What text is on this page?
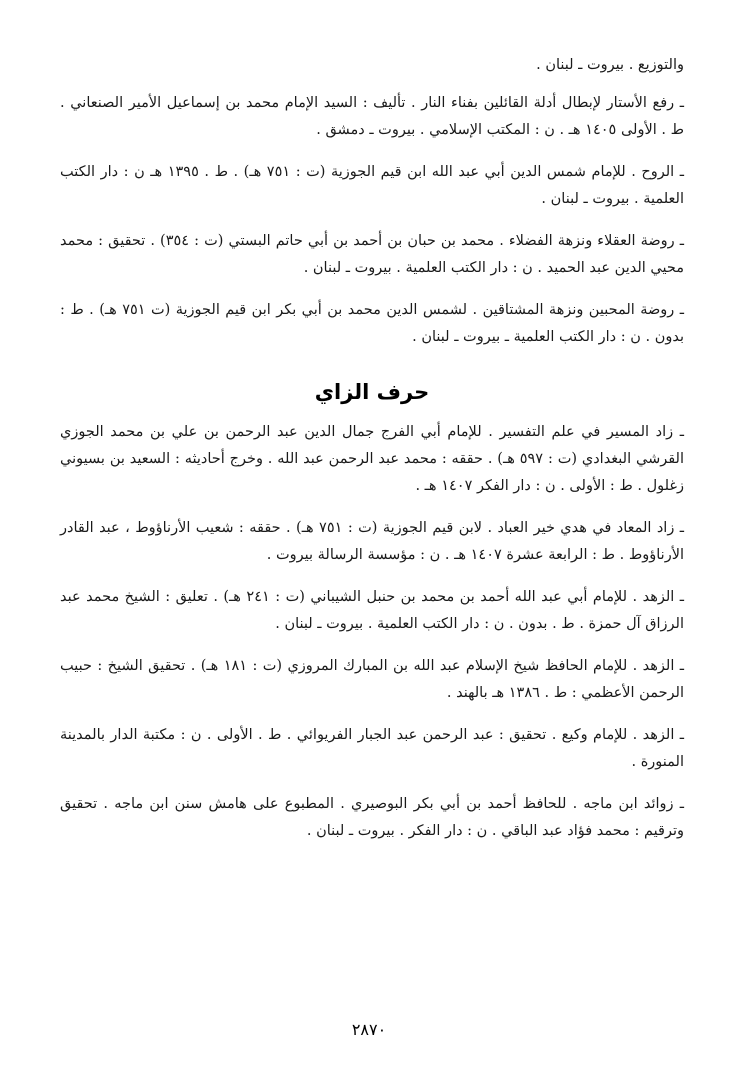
والتوزيع . بيروت ـ لبنان .

ـ رفع الأستار لإبطال أدلة القائلين بفناء النار . تأليف : السيد الإمام محمد بن إسماعيل الأمير الصنعاني . ط . الأولى ١٤٠٥ هـ . ن : المكتب الإسلامي . بيروت ـ دمشق .

ـ الروح . للإمام شمس الدين أبي عبد الله ابن قيم الجوزية (ت : ٧٥١ هـ) . ط . ١٣٩٥ هـ ن : دار الكتب العلمية . بيروت ـ لبنان .

ـ روضة العقلاء ونزهة الفضلاء . محمد بن حبان بن أحمد بن أبي حاتم البستي (ت : ٣٥٤) . تحقيق : محمد محيي الدين عبد الحميد . ن : دار الكتب العلمية . بيروت ـ لبنان .

ـ روضة المحبين ونزهة المشتاقين . لشمس الدين محمد بن أبي بكر ابن قيم الجوزية (ت ٧٥١ هـ) . ط : بدون . ن : دار الكتب العلمية ـ بيروت ـ لبنان .

حرف الزاي

ـ زاد المسير في علم التفسير . للإمام أبي الفرج جمال الدين عبد الرحمن بن علي بن محمد الجوزي القرشي البغدادي (ت : ٥٩٧ هـ) . حققه : محمد عبد الرحمن عبد الله . وخرج أحاديثه : السعيد بن بسيوني زغلول . ط : الأولى . ن : دار الفكر ١٤٠٧ هـ .

ـ زاد المعاد في هدي خير العباد . لابن قيم الجوزية (ت : ٧٥١ هـ) . حققه : شعيب الأرناؤوط ، عبد القادر الأرناؤوط . ط : الرابعة عشرة ١٤٠٧ هـ . ن : مؤسسة الرسالة بيروت .

ـ الزهد . للإمام أبي عبد الله أحمد بن محمد بن حنبل الشيباني (ت : ٢٤١ هـ) . تعليق : الشيخ محمد عبد الرزاق آل حمزة . ط . بدون . ن : دار الكتب العلمية . بيروت ـ لبنان .

ـ الزهد . للإمام الحافظ شيخ الإسلام عبد الله بن المبارك المروزي (ت : ١٨١ هـ) . تحقيق الشيخ : حبيب الرحمن الأعظمي : ط . ١٣٨٦ هـ بالهند .

ـ الزهد . للإمام وكيع . تحقيق : عبد الرحمن عبد الجبار الفريوائي . ط . الأولى . ن : مكتبة الدار بالمدينة المنورة .

ـ زوائد ابن ماجه . للحافظ أحمد بن أبي بكر البوصيري . المطبوع على هامش سنن ابن ماجه . تحقيق وترقيم : محمد فؤاد عبد الباقي . ن : دار الفكر . بيروت ـ لبنان .

٢٨٧٠
